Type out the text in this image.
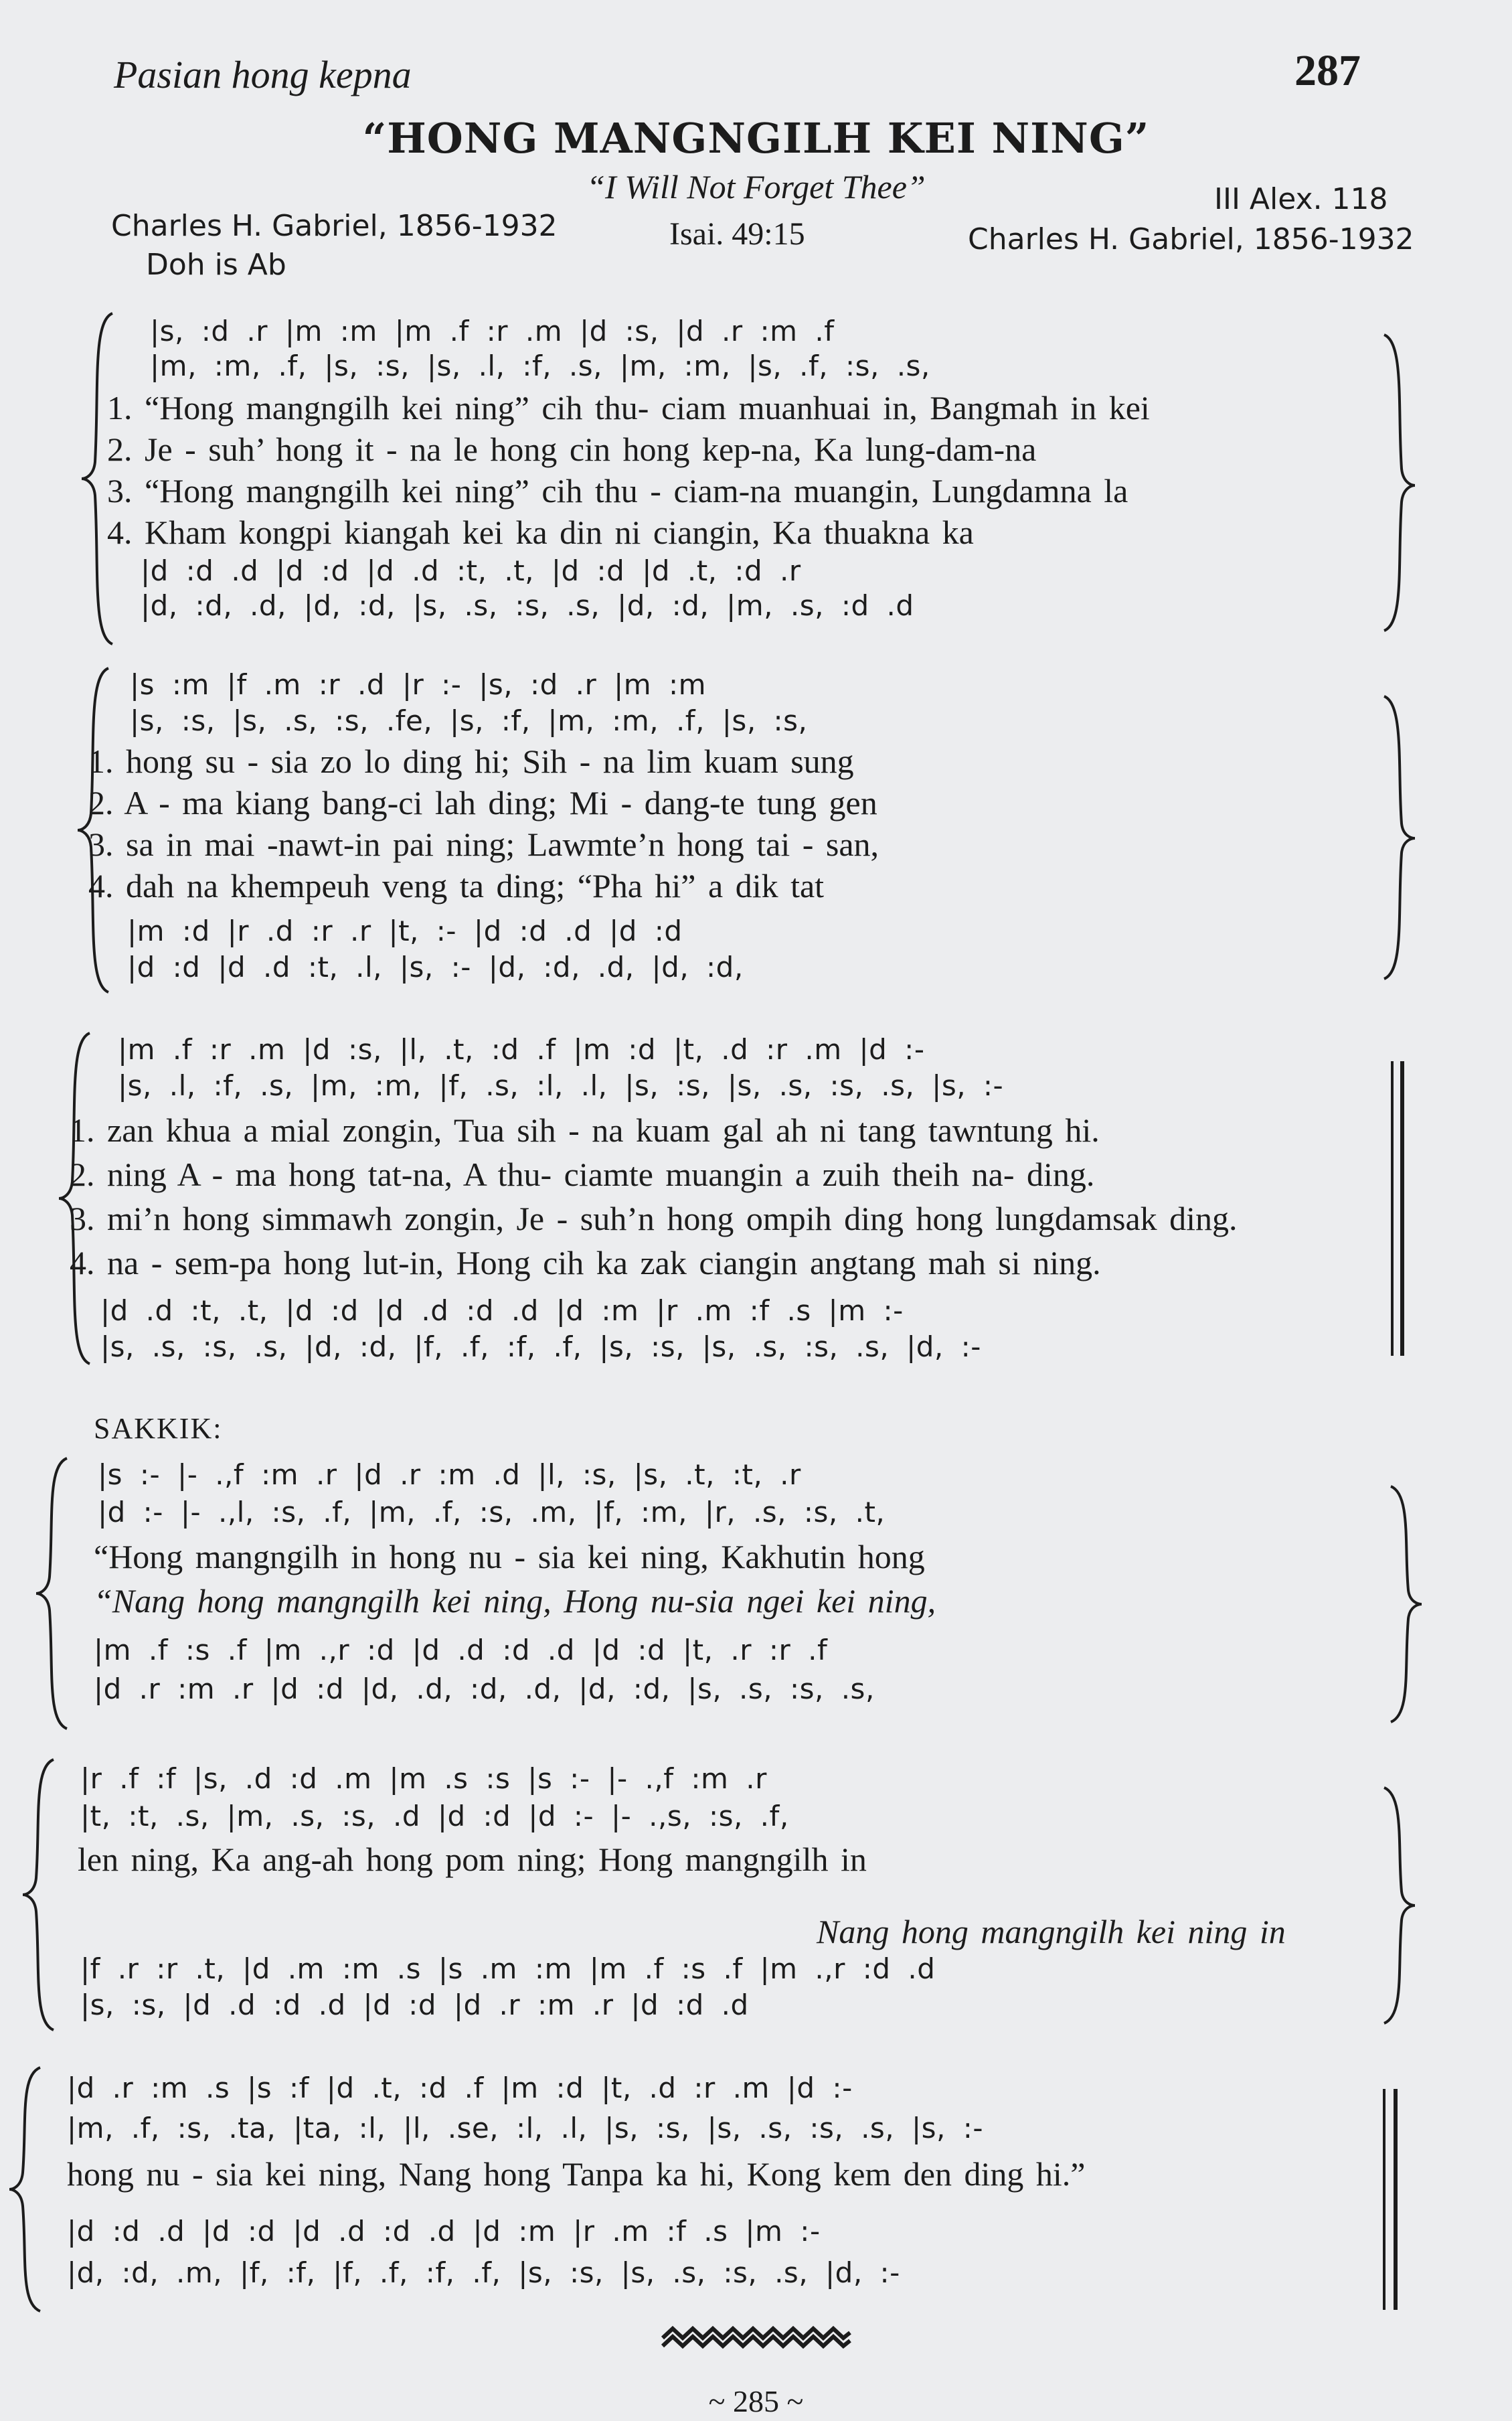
Pasian hong kepna	287
“HONG MANGNGILH KEI NING”
“I Will Not Forget Thee”
Charles H. Gabriel, 1856-1932
Doh is Ab
Isai. 49:15
III Alex. 118
Charles H. Gabriel, 1856-1932
|s, :d .r |m :m |m .f :r .m |d :s, |d .r :m .f
|m, :m, .f, |s, :s, |s, .l, :f, .s, |m, :m, |s, .f, :s, .s,
1. “Hong mangngilh kei ning” cih thu- ciam muanhuai in, Bangmah in kei
2. Je - suh’ hong it - na le hong cin hong kep-na, Ka lung-dam-na
3. “Hong mangngilh kei ning” cih thu - ciam-na muangin, Lungdamna la
4. Kham kongpi kiangah kei ka din ni ciangin, Ka thuakna ka
|d :d .d |d :d |d .d :t, .t, |d :d |d .t, :d .r
|d, :d, .d, |d, :d, |s, .s, :s, .s, |d, :d, |m, .s, :d .d
|s :m |f .m :r .d |r :- |s, :d .r |m :m
|s, :s, |s, .s, :s, .fe, |s, :f, |m, :m, .f, |s, :s,
1. hong su - sia zo lo ding hi; Sih - na lim kuam sung
2. A - ma kiang bang-ci lah ding; Mi - dang-te tung gen
3. sa in mai -nawt-in pai ning; Lawmte’n hong tai - san,
4. dah na khempeuh veng ta ding; “Pha hi” a dik tat
|m :d |r .d :r .r |t, :- |d :d .d |d :d
|d :d |d .d :t, .l, |s, :- |d, :d, .d, |d, :d,
|m .f :r .m |d :s, |l, .t, :d .f |m :d |t, .d :r .m |d :-
|s, .l, :f, .s, |m, :m, |f, .s, :l, .l, |s, :s, |s, .s, :s, .s, |s, :-
1. zan khua a mial zongin, Tua sih - na kuam gal ah ni tang tawntung hi.
2. ning A - ma hong tat-na, A thu- ciamte muangin a zuih theih na- ding.
3. mi’n hong simmawh zongin, Je - suh’n hong ompih ding hong lungdamsak ding.
4. na - sem-pa hong lut-in, Hong cih ka zak ciangin angtang mah si ning.
|d .d :t, .t, |d :d |d .d :d .d |d :m |r .m :f .s |m :-
|s, .s, :s, .s, |d, :d, |f, .f, :f, .f, |s, :s, |s, .s, :s, .s, |d, :-
SAKKIK:
|s :- |- .,f :m .r |d .r :m .d |l, :s, |s, .t, :t, .r
|d :- |- .,l, :s, .f, |m, .f, :s, .m, |f, :m, |r, .s, :s, .t,
“Hong mangngilh in hong nu - sia kei ning, Kakhutin hong
“Nang hong mangngilh kei ning, Hong nu-sia ngei kei ning,
|m .f :s .f |m .,r :d |d .d :d .d |d :d |t, .r :r .f
|d .r :m .r |d :d |d, .d, :d, .d, |d, :d, |s, .s, :s, .s,
|r .f :f |s, .d :d .m |m .s :s |s :- |- .,f :m .r
|t, :t, .s, |m, .s, :s, .d |d :d |d :- |- .,s, :s, .f,
len ning, Ka ang-ah hong pom ning; Hong mangngilh in
Nang hong mangngilh kei ning in
|f .r :r .t, |d .m :m .s |s .m :m |m .f :s .f |m .,r :d .d
|s, :s, |d .d :d .d |d :d |d .r :m .r |d :d .d
|d .r :m .s |s :f |d .t, :d .f |m :d |t, .d :r .m |d :-
|m, .f, :s, .ta, |ta, :l, |l, .se, :l, .l, |s, :s, |s, .s, :s, .s, |s, :-
hong nu - sia kei ning, Nang hong Tanpa ka hi, Kong kem den ding hi.”
|d :d .d |d :d |d .d :d .d |d :m |r .m :f .s |m :-
|d, :d, .m, |f, :f, |f, .f, :f, .f, |s, :s, |s, .s, :s, .s, |d, :-
~ 285 ~
